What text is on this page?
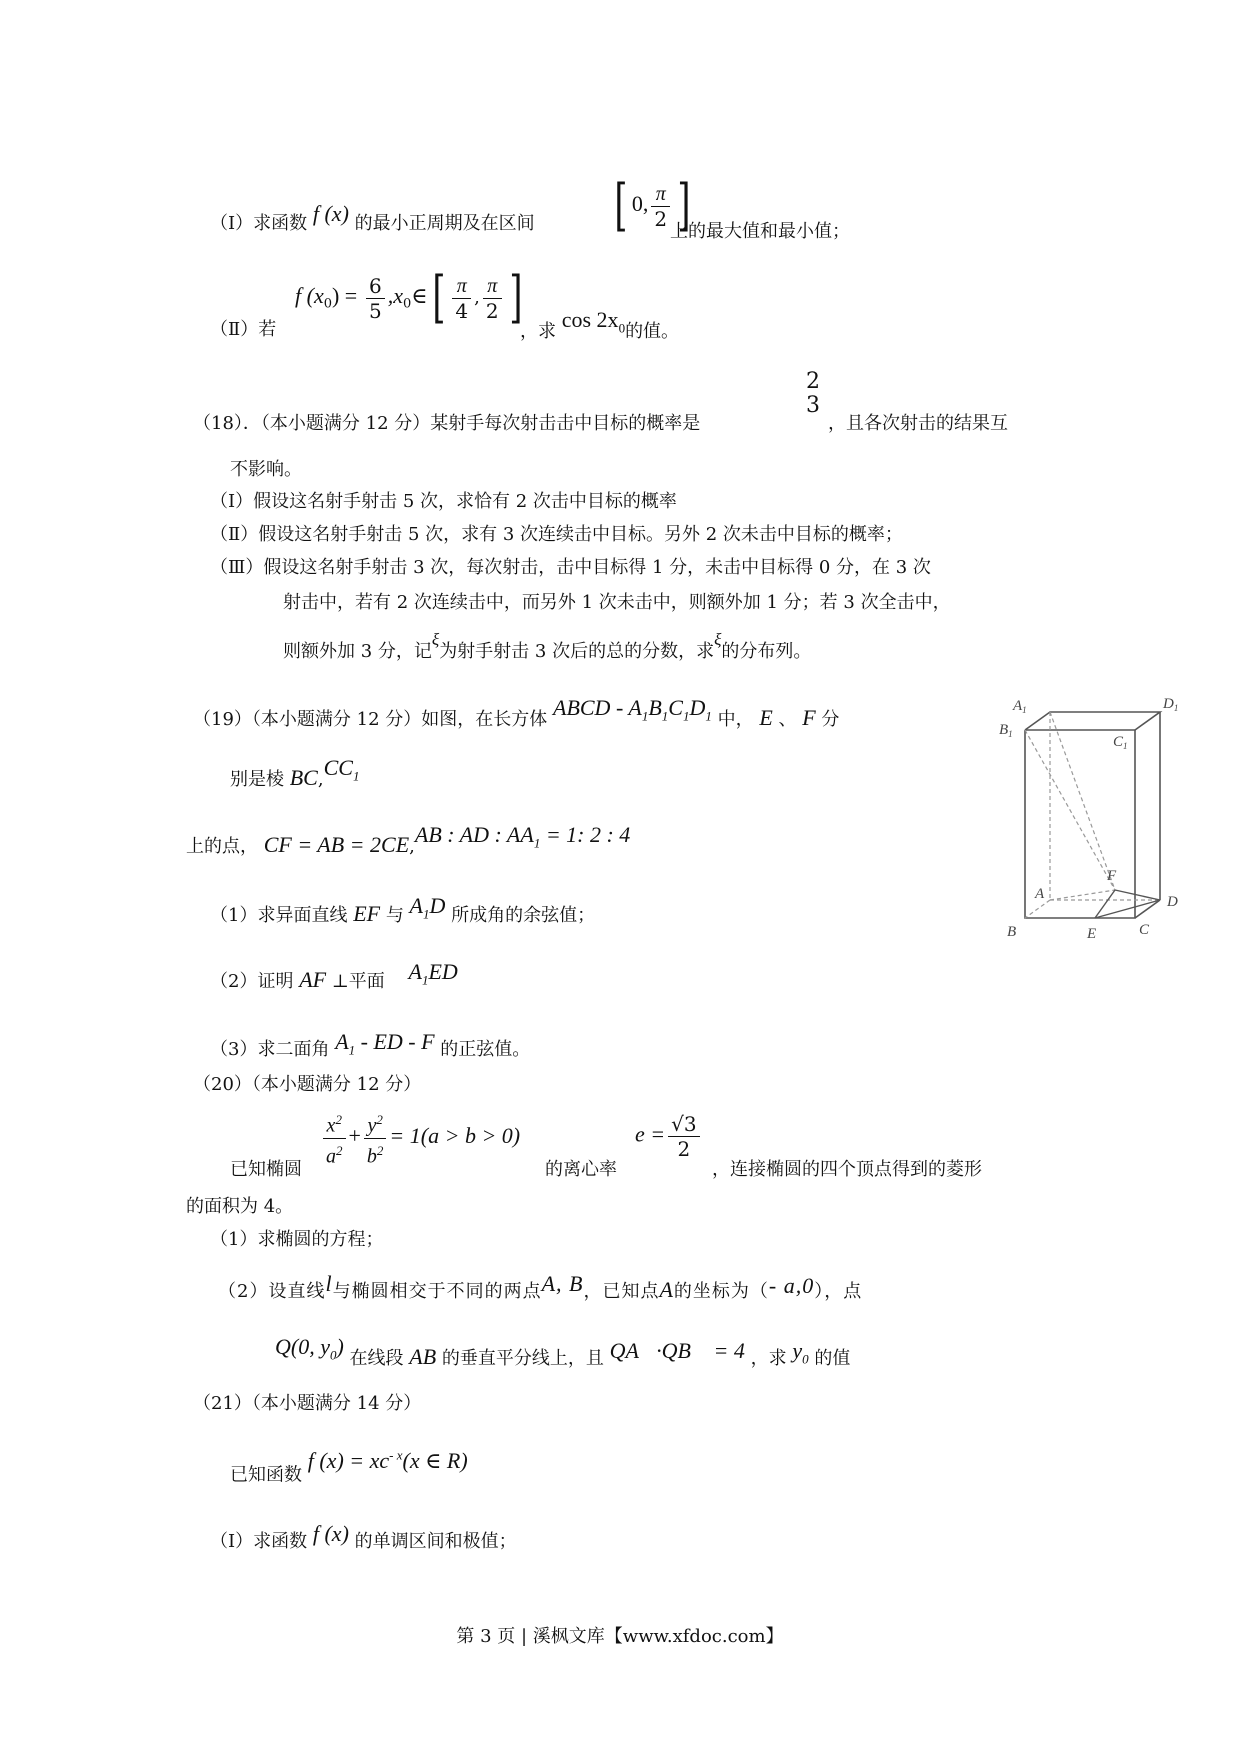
（Ⅰ）求函数 f (x) 的最小正周期及在区间 [ 0, $\frac{\pi}{2}$ ]
上的最大值和最小值；
（Ⅱ）若
f $(x_0) = \frac{6}{5}$ $,x_0\in[ \frac{\pi}{4}$ , $\frac{\pi}{2}$ ]
，求 $\cos 2x_0$的值。
（18）．（本小题满分 12 分）某射手每次射击击中目标的概率是
2
3
，且各次射击的结果互
不影响。
（Ⅰ）假设这名射手射击 5 次，求恰有 2 次击中目标的概率
（Ⅱ）假设这名射手射击 5 次，求有 3 次连续击中目标。另外 2 次未击中目标的概率；
（Ⅲ）假设这名射手射击 3 次，每次射击，击中目标得 1 分，未击中目标得 0 分，在 3 次
射击中，若有 2 次连续击中，而另外 1 次未击中，则额外加 1 分；若 3 次全击中，
则额外加 3 分，记ξ为射手射击 3 次后的总的分数，求ξ的分布列。
（19）（本小题满分 12 分）如图，在长方体 ABCD - $A_1B_1C_1D_1$ 中， E 、 F 分
别是棱 $BC,CC_1$
上的点， CF = AB = 2CE,AB : AD : $AA_1 = 1$: 2 : 4
（1）求异面直线 EF 与 $A_1D$ 所成角的余弦值；
（2）证明 AF ⊥平面 $A_1ED$
（3）求二面角 $A_1$ - ED - F 的正弦值。
$A_1$	$D_1$
$B_1$	$C_1$
A
F
D
B	E	C
（20）（本小题满分 12 分）
已知椭圆
$\frac{x^2}{a^2} + \frac{y^2}{b^2} = 1(a > b > 0)$
的离心率
$e = \frac{√3}{2}$
，连接椭圆的四个顶点得到的菱形
的面积为 4。
（1）求椭圆的方程；
（2）设直线l与椭圆相交于不同的两点A, B，已知点A的坐标为（- a,0），点
Q(0, $y_0$) 在线段 AB 的垂直平分线上，且 QA⃗·QB⃗ = 4 ，求 $y_0$ 的值
（21）（本小题满分 14 分）
已知函数 f $(x) = xc^{- x}(x$ ∈ R)
（Ⅰ）求函数 f (x) 的单调区间和极值；
第 3 页 | 溪枫文库【www.xfdoc.com】
